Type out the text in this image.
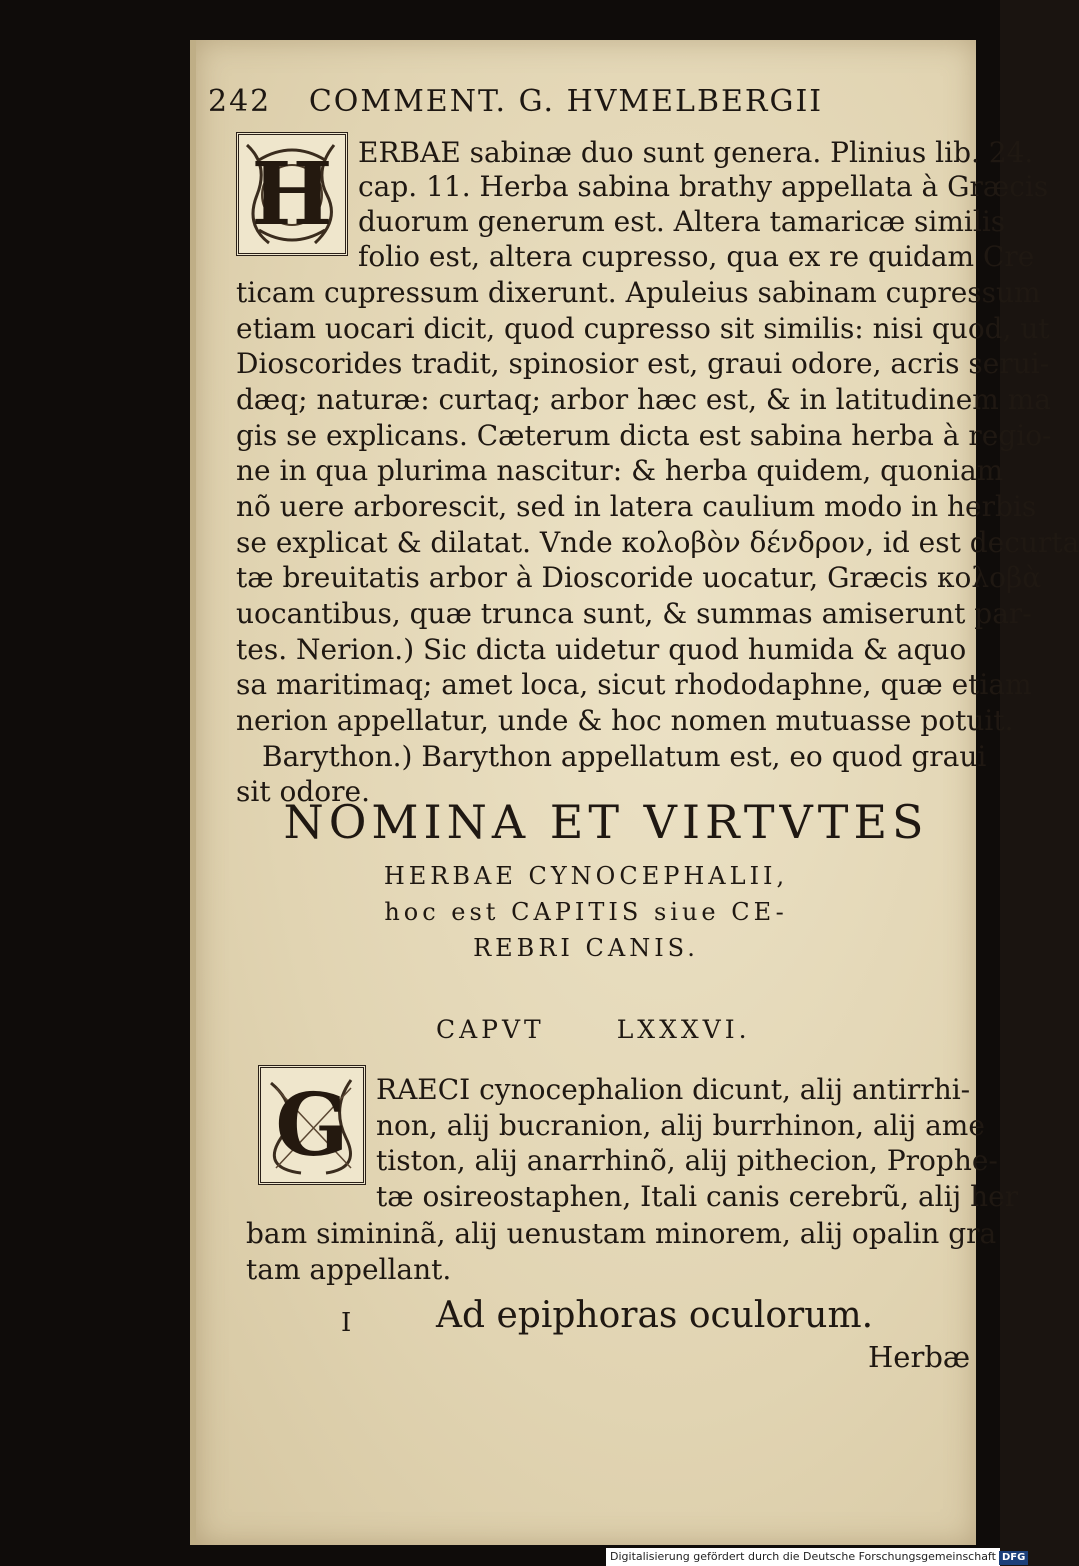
242 COMMENT. G. HVMELBERGII
H ERBAE sabinæ duo sunt genera. Plinius lib. 24.
cap. 11. Herba sabina brathy appellata à Græcis
duorum generum est. Altera tamaricæ similis
folio est, altera cupresso, qua ex re quidam Cre
ticam cupressum dixerunt. Apuleius sabinam cupressum
etiam uocari dicit, quod cupresso sit similis: nisi quod, ut
Dioscorides tradit, spinosior est, graui odore, acris serui-
dæq; naturæ: curtaq; arbor hæc est, & in latitudinem ma
gis se explicans. Cæterum dicta est sabina herba à regio-
ne in qua plurima nascitur: & herba quidem, quoniam
nõ uere arborescit, sed in latera caulium modo in herbis
se explicat & dilatat. Vnde κολοβὸν δένδρον, id est decurta
tæ breuitatis arbor à Dioscoride uocatur, Græcis κολοβὰ
uocantibus, quæ trunca sunt, & summas amiserunt par-
tes. Nerion.) Sic dicta uidetur quod humida & aquo
sa maritimaq; amet loca, sicut rhododaphne, quæ etiam
nerion appellatur, unde & hoc nomen mutuasse potuit.
Barython.) Barython appellatum est, eo quod graui
sit odore.
NOMINA ET VIRTVTES
HERBAE CYNOCEPHALII,
hoc est CAPITIS siue CE-
REBRI CANIS.
CAPVT	LXXXVI.
G RAECI cynocephalion dicunt, alij antirrhi-
non, alij bucranion, alij burrhinon, alij ame
tiston, alij anarrhinõ, alij pithecion, Prophe-
tæ osireostaphen, Itali canis cerebrũ, alij her
bam simininã, alij uenustam minorem, alij opalin gra
tam appellant.
I Ad epiphoras oculorum.
Herbæ
Digitalisierung gefördert durch die Deutsche Forschungsgemeinschaft DFG
